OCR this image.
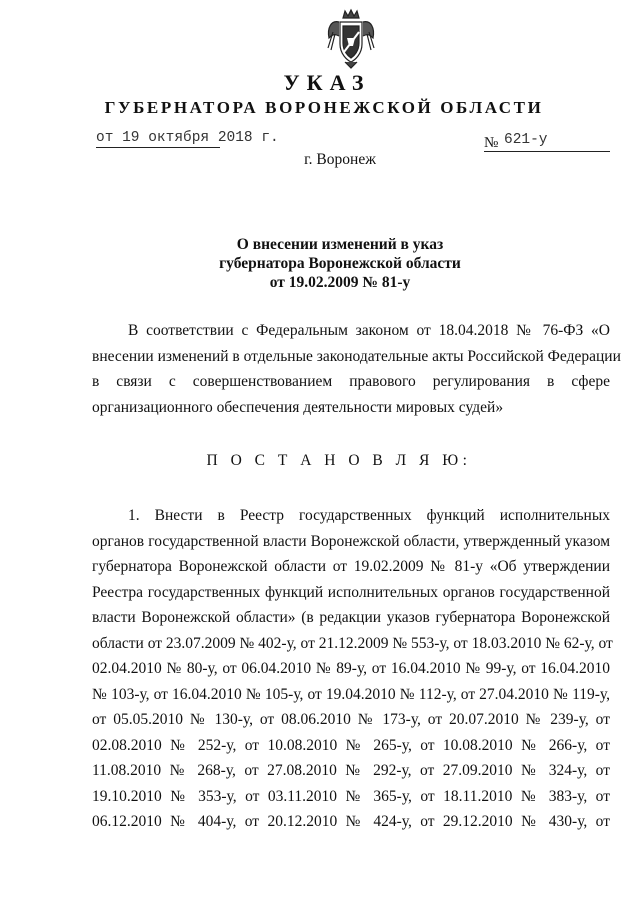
УКАЗ
ГУБЕРНАТОРА ВОРОНЕЖСКОЙ ОБЛАСТИ
от 19 октября 2018 г.	№ 621-у
г. Воронеж
О внесении изменений в указ
губернатора Воронежской области
от 19.02.2009 № 81-у
В соответствии с Федеральным законом от 18.04.2018 № 76-ФЗ «О
внесении изменений в отдельные законодательные акты Российской Федерации
в связи с совершенствованием правового регулирования в сфере
организационного обеспечения деятельности мировых судей»
П О С Т А Н О В Л Я Ю:
1. Внести в Реестр государственных функций исполнительных
органов государственной власти Воронежской области, утвержденный указом
губернатора Воронежской области от 19.02.2009 № 81-у «Об утверждении
Реестра государственных функций исполнительных органов государственной
власти Воронежской области» (в редакции указов губернатора Воронежской
области от 23.07.2009 № 402-у, от 21.12.2009 № 553-у, от 18.03.2010 № 62-у, от
02.04.2010 № 80-у, от 06.04.2010 № 89-у, от 16.04.2010 № 99-у, от 16.04.2010
№ 103-у, от 16.04.2010 № 105-у, от 19.04.2010 № 112-у, от 27.04.2010 № 119-у,
от 05.05.2010 № 130-у, от 08.06.2010 № 173-у, от 20.07.2010 № 239-у, от
02.08.2010 № 252-у, от 10.08.2010 № 265-у, от 10.08.2010 № 266-у, от
11.08.2010 № 268-у, от 27.08.2010 № 292-у, от 27.09.2010 № 324-у, от
19.10.2010 № 353-у, от 03.11.2010 № 365-у, от 18.11.2010 № 383-у, от
06.12.2010 № 404-у, от 20.12.2010 № 424-у, от 29.12.2010 № 430-у, от
